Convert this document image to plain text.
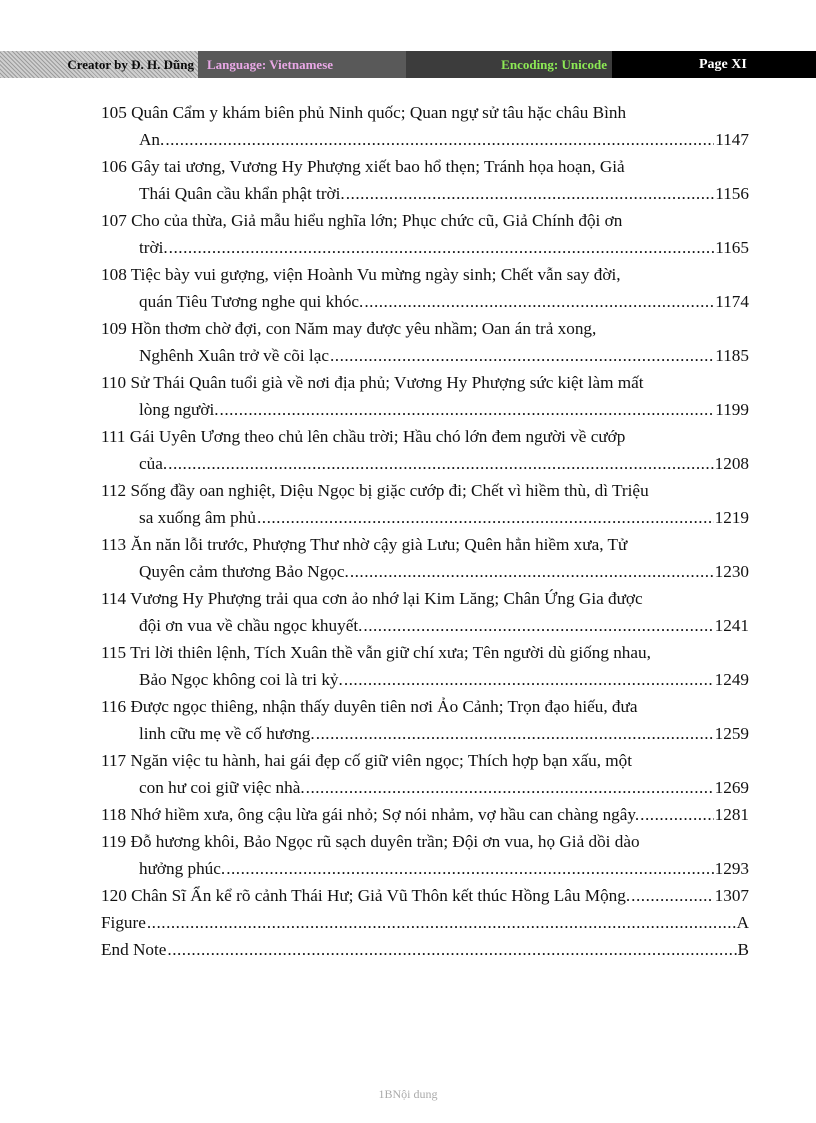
Creator by Đ. H. Dũng	Language: Vietnamese	Encoding: Unicode	Page XI
105 Quân Cẩm y khám biên phủ Ninh quốc; Quan ngự sử tâu hặc châu Bình
An. .....	1147
106 Gây tai ương, Vương Hy Phượng xiết bao hổ thẹn; Tránh họa hoạn, Giả
Thái Quân cầu khẩn phật trời. .....	1156
107 Cho của thừa, Giả mẫu hiểu nghĩa lớn; Phục chức cũ, Giả Chính đội ơn
trời. .....	1165
108 Tiệc bày vui gượng, viện Hoành Vu mừng ngày sinh; Chết vẫn say đời,
quán Tiêu Tương nghe qui khóc. .....	1174
109 Hồn thơm chờ đợi, con Năm may được yêu nhầm; Oan án trả xong,
Nghênh Xuân trở về cõi lạc .....	1185
110 Sử Thái Quân tuổi già về nơi địa phủ; Vương Hy Phượng sức kiệt làm mất
lòng người. .....	1199
111 Gái Uyên Ương theo chủ lên chầu trời; Hầu chó lớn đem người về cướp
của. .....	1208
112 Sống đầy oan nghiệt, Diệu Ngọc bị giặc cướp đi; Chết vì hiềm thù, dì Triệu
sa xuống âm phủ .....	1219
113 Ăn năn lỗi trước, Phượng Thư nhờ cậy già Lưu; Quên hẳn hiềm xưa, Tử
Quyên cảm thương Bảo Ngọc. .....	1230
114 Vương Hy Phượng trải qua cơn ảo nhớ lại Kim Lăng; Chân Ứng Gia được
đội ơn vua về chầu ngọc khuyết. .....	1241
115 Tri lời thiên lệnh, Tích Xuân thề vẫn giữ chí xưa; Tên người dù giống nhau,
Bảo Ngọc không coi là tri kỷ. .....	1249
116 Được ngọc thiêng, nhận thấy duyên tiên nơi Ảo Cảnh; Trọn đạo hiếu, đưa
linh cữu mẹ về cố hương. .....	1259
117 Ngăn việc tu hành, hai gái đẹp cố giữ viên ngọc; Thích hợp bạn xấu, một
con hư coi giữ việc nhà. .....	1269
118 Nhớ hiềm xưa, ông cậu lừa gái nhỏ; Sợ nói nhảm, vợ hầu can chàng ngây. .....	1281
119 Đỗ hương khôi, Bảo Ngọc rũ sạch duyên trần; Đội ơn vua, họ Giả dồi dào
hưởng phúc. .....	1293
120 Chân Sĩ Ẩn kể rõ cảnh Thái Hư; Giả Vũ Thôn kết thúc Hồng Lâu Mộng. .....	1307
Figure .....	A
End Note .....	B
1BNội dung
